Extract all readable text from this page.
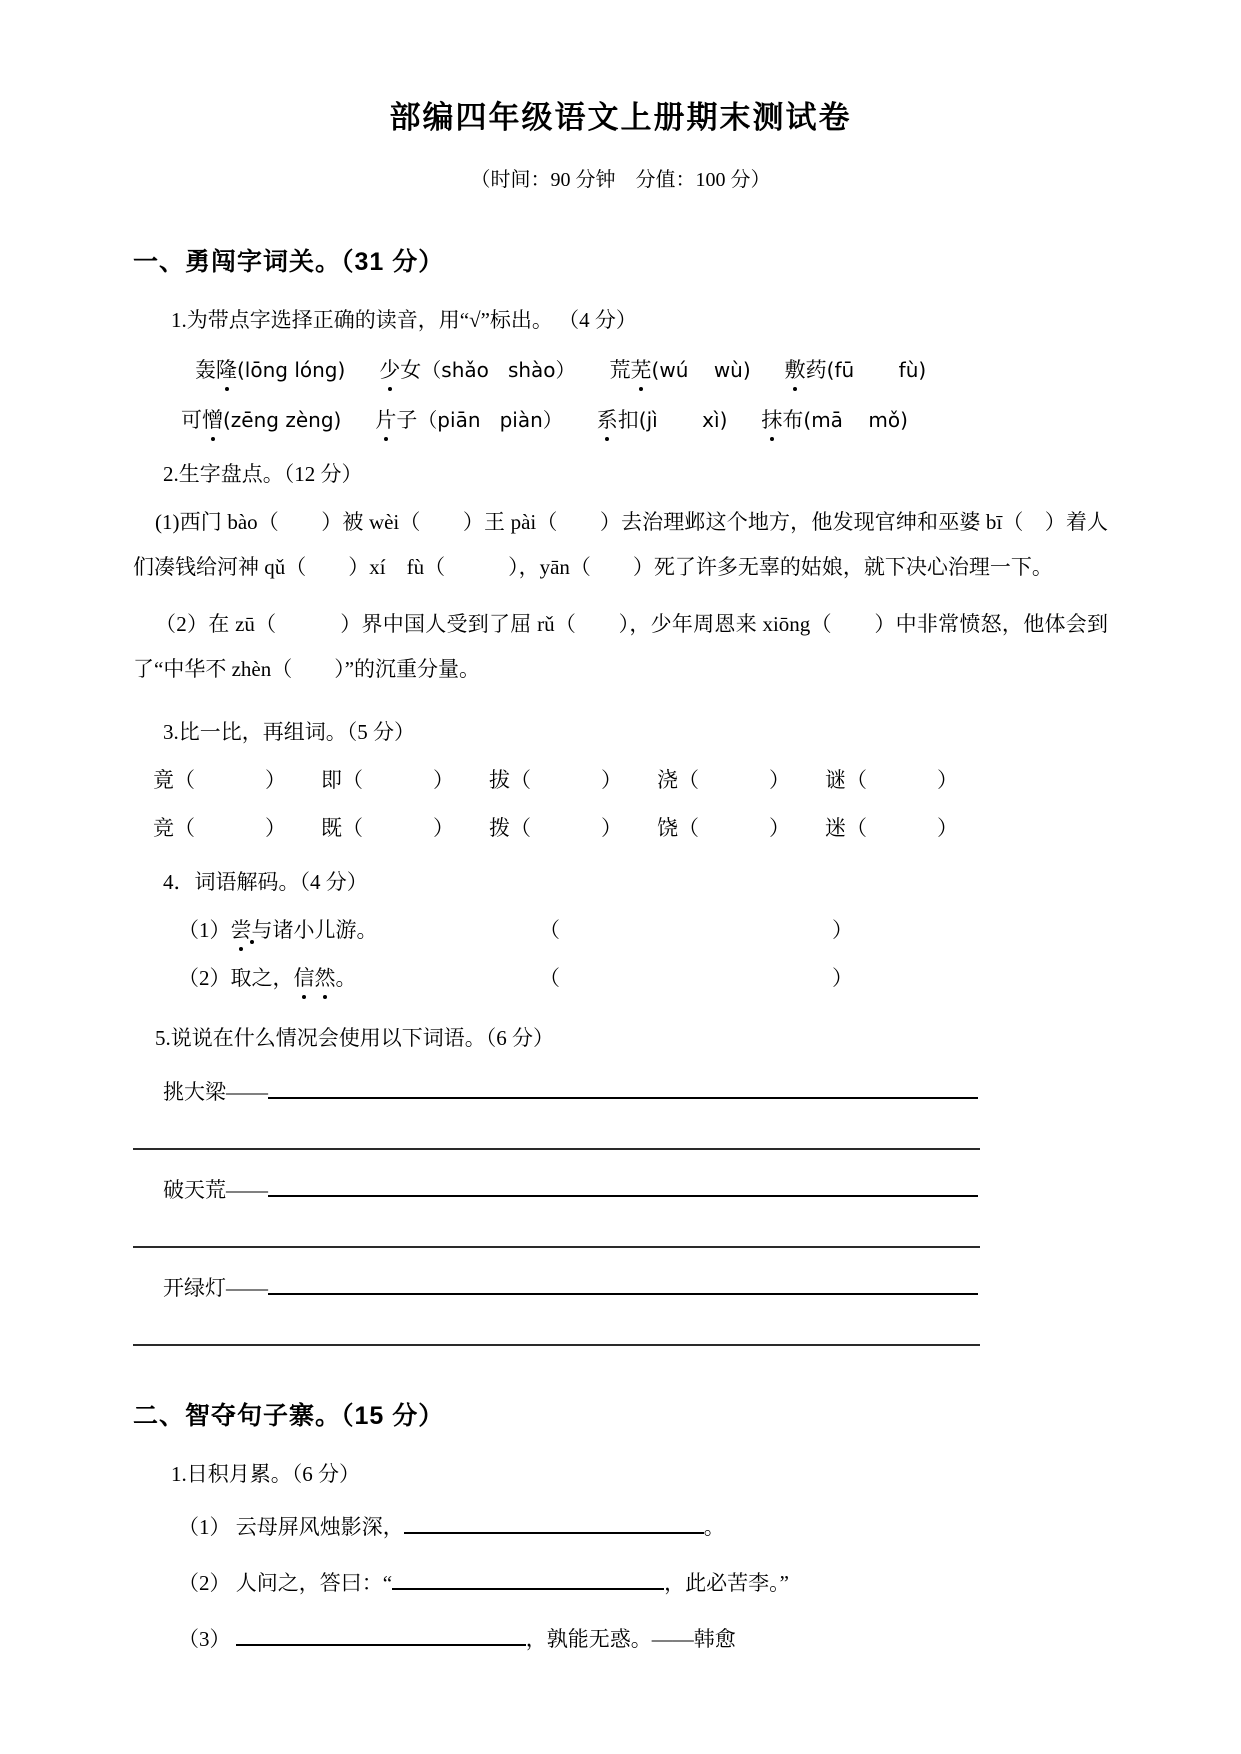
部编四年级语文上册期末测试卷
（时间：90 分钟　分值：100 分）
一、勇闯字词关。（31 分）
1.为带点字选择正确的读音，用“√”标出。 （4 分）
轰隆(lōng lóng) 少女（shǎo   shào） 荒芜(wú    wù) 敷药(fū       fù)
可憎(zēng zèng) 片子（piān   piàn） 系扣(jì       xì) 抹布(mā    mǒ)
2.生字盘点。（12 分）

(1)西门 bào（　　）被 wèi（　　）王 pài（　　）去治理邺这个地方，他发现官绅和巫婆 bī（　）着人们凑钱给河神 qǔ（　　）xí　fù（　　　），yān（　　）死了许多无辜的姑娘，就下决心治理一下。

（2）在 zū（　　　）界中国人受到了屈 rǔ（　　），少年周恩来 xiōng（　　）中非常愤怒，他体会到了“中华不 zhèn（　　）”的沉重分量。

3.比一比，再组词。（5 分）
竟（	）	即（	）	拔（	）	浇（	）	谜（	）
竞（	）	既（	）	拨（	）	饶（	）	迷（	）
4．词语解码。（4 分）
（1）尝与诸小儿游。	（	）
（2）取之，信然。	（	）
5.说说在什么情况会使用以下词语。（6 分）
挑大梁——
破天荒——
开绿灯——
二、智夺句子寨。（15 分）
1.日积月累。（6 分）
（1） 云母屏风烛影深，	。
（2） 人问之，答曰：“	，此必苦李。”
（3）	，孰能无惑。——韩愈
